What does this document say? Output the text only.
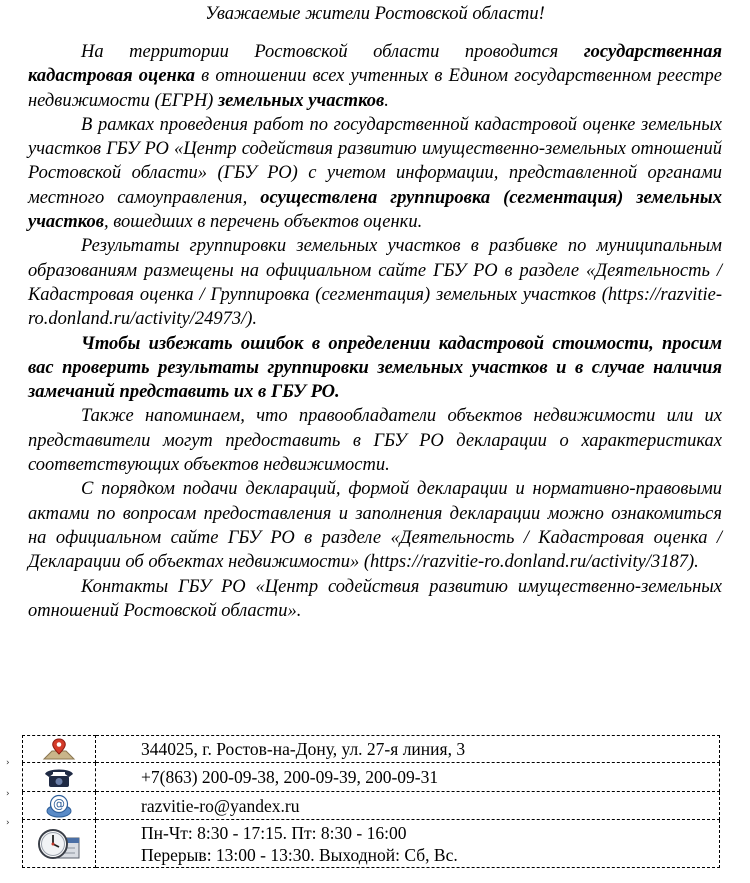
Уважаемые жители Ростовской области!

На территории Ростовской области проводится государственная кадастровая оценка в отношении всех учтенных в Едином государственном реестре недвижимости (ЕГРН) земельных участков.

В рамках проведения работ по государственной кадастровой оценке земельных участков ГБУ РО «Центр содействия развитию имущественно-земельных отношений Ростовской области» (ГБУ РО) с учетом информации, представленной органами местного самоуправления, осуществлена группировка (сегментация) земельных участков, вошедших в перечень объектов оценки.

Результаты группировки земельных участков в разбивке по муниципальным образованиям размещены на официальном сайте ГБУ РО в разделе «Деятельность / Кадастровая оценка / Группировка (сегментация) земельных участков (https://razvitie-ro.donland.ru/activity/24973/).

Чтобы избежать ошибок в определении кадастровой стоимости, просим вас проверить результаты группировки земельных участков и в случае наличия замечаний представить их в ГБУ РО.

Также напоминаем, что правообладатели объектов недвижимости или их представители могут предоставить в ГБУ РО декларации о характеристиках соответствующих объектов недвижимости.

С порядком подачи деклараций, формой декларации и нормативно-правовыми актами по вопросам предоставления и заполнения декларации можно ознакомиться на официальном сайте ГБУ РО в разделе «Деятельность / Кадастровая оценка / Декларации об объектах недвижимости» (https://razvitie-ro.donland.ru/activity/3187).

Контакты ГБУ РО «Центр содействия развитию имущественно-земельных отношений Ростовской области».

›
›
›
	344025, г. Ростов-на-Дону, ул. 27-я линия, 3

	+7(863) 200-09-38, 200-09-39, 200-09-31

@	razvitie-ro@yandex.ru

Пн-Чт: 8:30 - 17:15. Пт: 8:30 - 16:00
Перерыв: 13:00 - 13:30. Выходной: Сб, Вс.
